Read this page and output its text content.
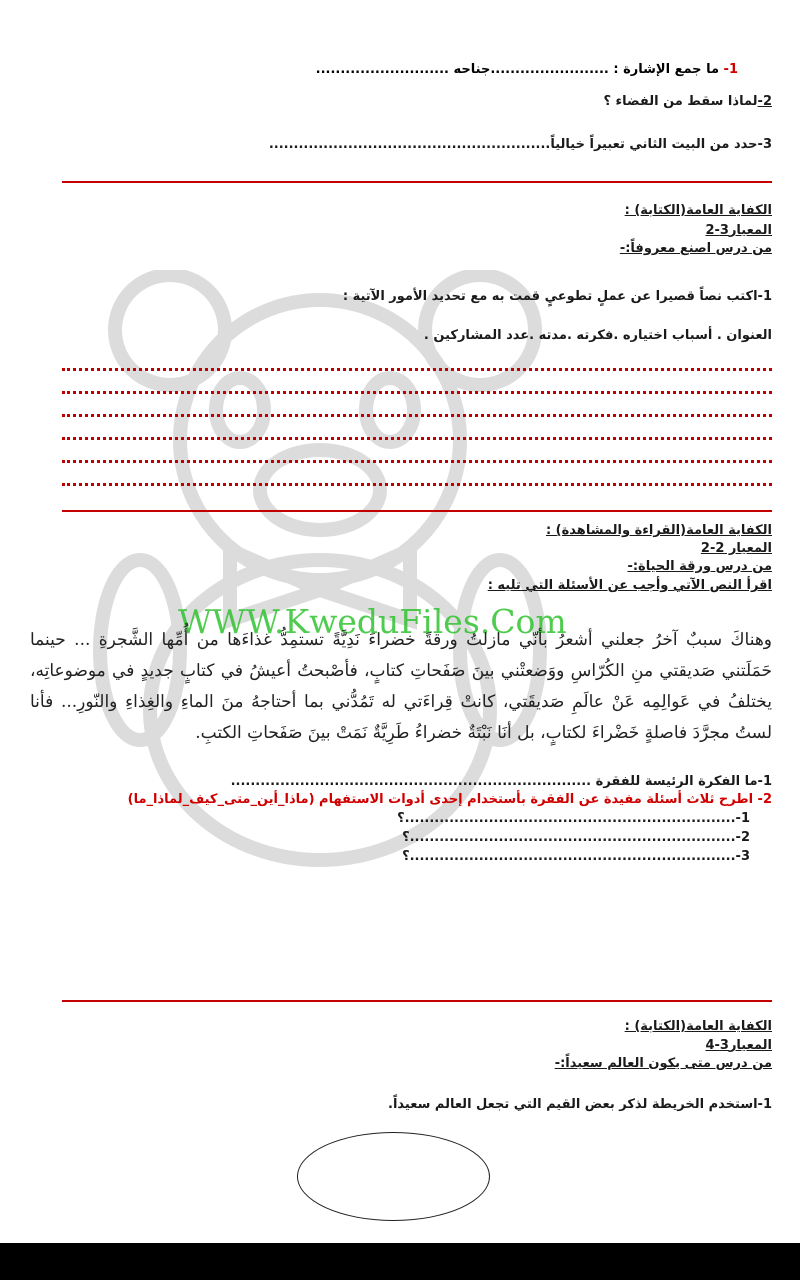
1- ما جمع الإشارة : ........................جناحه ...........................
2-لماذا سقط من الفضاء ؟
3-حدد من البيت الثاني تعبيراً خيالياً.........................................................
الكفاية العامة(الكتابة) :
المعيار3-2
من درس اصنع معروفاً:-
1-اكتب نصاً قصيرا عن عملٍ تطوعيٍ قمت به مع تحديد الأمور الآتية :
العنوان . أسباب اختياره .فكرته .مدته .عدد المشاركين .
الكفاية العامة(القراءة والمشاهدة) :
المعيار 2-2
من درس ورقة الحياة:-
اقرأ النص الآتي وأجب عن الأسئلة التي تليه :
WWW.KweduFiles.Com
وهناكَ سببٌ آخرُ جعلني أشعرُ بأنّي مازلتُ ورقةً خضراءَ نَدِيَّةً تستمِدُّ غذاءَها من أُمِّها الشَّجرةِ ... حينما حَمَلَتني صَديقتي منِ الكُرّاسِ ووَضعتْني بينَ صَفَحاتِ كتابٍ، فأصْبحتُ أعيشُ في كتابٍ جديدٍ في موضوعاتِه، يختلفُ في عَوالِمِه عَنْ عالَمِ صَديقَتي، كانتْ قِراءَتي له تَمُدُّني بما أحتاجهُ منَ الماءِ والغِذاءِ والنّورِ... فأنا لستُ مجرَّدَ فاصلةٍ خَضْراءَ لكتابٍ، بل أنَا نَبْتَةٌ خضراءُ طَرِيَّةٌ نَمَتْ بينَ صَفَحاتِ الكتبِ.
1-ما الفكرة الرئيسة للفقرة .........................................................................
2- اطرح ثلاث أسئلة مفيدة عن الفقرة بأستخدام إحدى أدوات الاستفهام (ماذا_أين_متى_كيف_لماذا_ما)
1-...................................................................؟
2-..................................................................؟
3-..................................................................؟
الكفاية العامة(الكتابة) :
المعيار3-4
من درس متى يكون العالم سعيداً:-
1-استخدم الخريطة لذكر بعض القيم التي تجعل العالم سعيداً.
